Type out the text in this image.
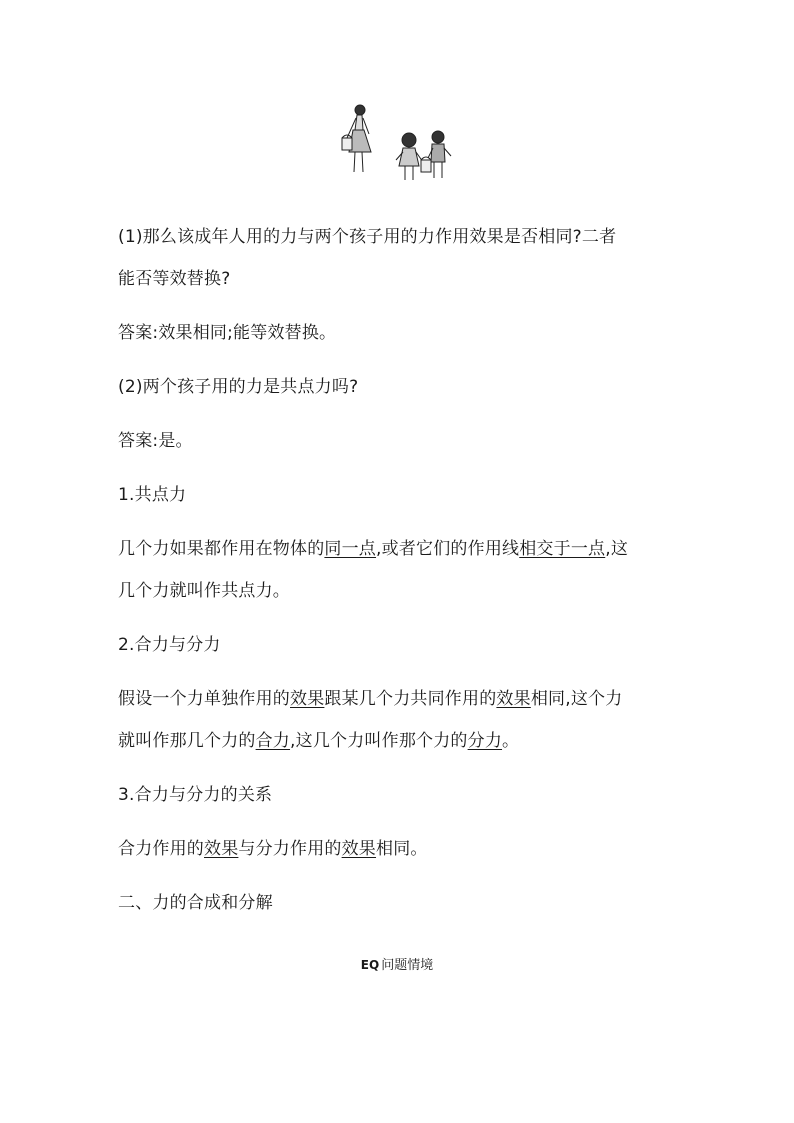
(1)那么该成年人用的力与两个孩子用的力作用效果是否相同?二者
能否等效替换?
答案:效果相同;能等效替换。
(2)两个孩子用的力是共点力吗?
答案:是。
1.共点力
几个力如果都作用在物体的同一点,或者它们的作用线相交于一点,这
几个力就叫作共点力。
2.合力与分力
假设一个力单独作用的效果跟某几个力共同作用的效果相同,这个力
就叫作那几个力的合力,这几个力叫作那个力的分力。
3.合力与分力的关系
合力作用的效果与分力作用的效果相同。
二、力的合成和分解
EQ 问题情境
